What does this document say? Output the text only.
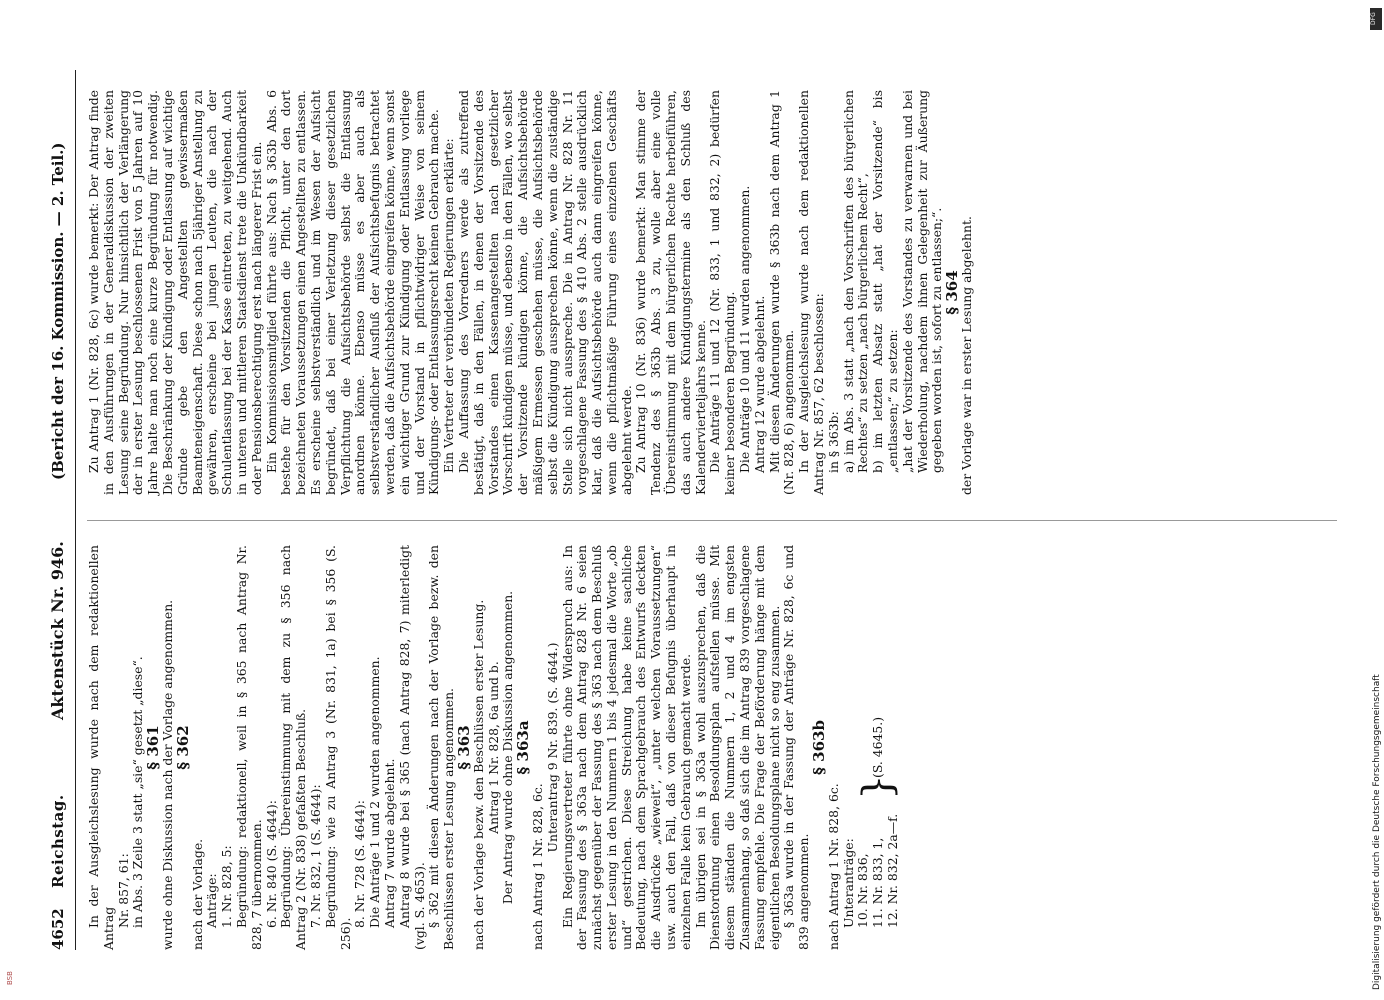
4652
Reichstag.
Aktenstück Nr. 946.
(Bericht der 16. Kommission. — 2. Teil.)

In der Ausgleichslesung wurde nach dem redaktionellen Antrag

Nr. 857, 61: in Abs. 3 Zeile 3 statt „sie“ gesetzt „diese“.

§ 361

wurde ohne Diskussion nach der Vorlage angenommen.

§ 362

nach der Vorlage. Anträge: 1. Nr. 828, 5: Begründung: redaktionell, weil in § 365 nach Antrag Nr. 828, 7 übernommen. 6. Nr. 840 (S. 4644): Begründung: Übereinstimmung mit dem zu § 356 nach Antrag 2 (Nr. 838) gefaßten Beschluß. 7. Nr. 832, 1 (S. 4644): Begründung: wie zu Antrag 3 (Nr. 831, 1a) bei § 356 (S. 256).

8. Nr. 728 (S. 4644): Die Anträge 1 und 2 wurden angenommen. Antrag 7 wurde abgelehnt. Antrag 8 wurde bei § 365 (nach Antrag 828, 7) miterledigt (vgl. S. 4653). § 362 mit diesen Änderungen nach der Vorlage bezw. den Beschlüssen erster Lesung angenommen.

§ 363

nach der Vorlage bezw. den Beschlüssen erster Lesung. Antrag 1 Nr. 828, 6a und b. Der Antrag wurde ohne Diskussion angenommen.

§ 363a

nach Antrag 1 Nr. 828, 6c.

Unterantrag 9 Nr. 839. (S. 4644.) Ein Regierungsvertreter führte ohne Widerspruch aus: In der Fassung des § 363a nach dem Antrag 828 Nr. 6 seien zunächst gegenüber der Fassung des § 363 nach dem Beschluß erster Lesung in den Nummern 1 bis 4 jedesmal die Worte „ob und“ gestrichen. Diese Streichung habe keine sachliche Bedeutung, nach dem Sprachgebrauch des Entwurfs deckten die Ausdrücke „wieweit“, „unter welchen Voraussetzungen“ usw. auch den Fall, daß von dieser Befugnis überhaupt in einzelnen Falle kein Gebrauch gemacht werde. Im übrigen sei in § 363a wohl auszusprechen, daß die Dienstordnung einen Besoldungsplan aufstellen müsse. Mit diesem ständen die Nummern 1, 2 und 4 im engsten Zusammenhang, so daß sich die im Antrag 839 vorgeschlagene Fassung empfehle. Die Frage der Beförderung hänge mit dem eigentlichen Besoldungsplane nicht so eng zusammen. § 363a wurde in der Fassung der Anträge Nr. 828, 6c und 839 angenommen.

§ 363b

nach Antrag 1 Nr. 828, 6c. Unteranträge: 10. Nr. 836, 11. Nr. 833, 1, 12. Nr. 832, 2a—f.

}
(S. 4645.)

Zu Antrag 1 (Nr. 828, 6c) wurde bemerkt: Der Antrag finde in den Ausführungen in der Generaldiskussion der zweiten Lesung seine Begründung. Nur hinsichtlich der Verlängerung der in erster Lesung beschlossenen Frist von 5 Jahren auf 10 Jahre halte man noch eine kurze Begründung für notwendig. Die Beschränkung der Kündigung oder Entlassung auf wichtige Gründe gebe den Angestellten gewissermaßen Beamteneigenschaft. Diese schon nach 5jähriger Anstellung zu gewähren, erscheine bei jungen Leuten, die nach der Schulentlassung bei der Kasse eintreten, zu weitgehend. Auch in unteren und mittleren Staatsdienst trete die Unkündbarkeit oder Pensionsberechtigung erst nach längerer Frist ein. Ein Kommissionsmitglied führte aus: Nach § 363b Abs. 6 bestehe für den Vorsitzenden die Pflicht, unter den dort bezeichneten Voraussetzungen einen Angestellten zu entlassen. Es erscheine selbstverständlich und im Wesen der Aufsicht begründet, daß bei einer Verletzung dieser gesetzlichen Verpflichtung die Aufsichtsbehörde selbst die Entlassung anordnen könne. Ebenso müsse es aber auch als selbstverständlicher Ausfluß der Aufsichtsbefugnis betrachtet werden, daß die Aufsichtsbehörde eingreifen könne, wenn sonst ein wichtiger Grund zur Kündigung oder Entlassung vorliege und der Vorstand in pflichtwidriger Weise von seinem Kündigungs- oder Entlassungsrecht keinen Gebrauch mache. Ein Vertreter der verbündeten Regierungen erklärte: Die Auffassung des Vorredners werde als zutreffend bestätigt, daß in den Fällen, in denen der Vorsitzende des Vorstandes einen Kassenangestellten nach gesetzlicher Vorschrift kündigen müsse, und ebenso in den Fällen, wo selbst der Vorsitzende kündigen könne, die Aufsichtsbehörde mäßigem Ermessen geschehen müsse, die Aufsichtsbehörde selbst die Kündigung aussprechen könne, wenn die zuständige Stelle sich nicht ausspreche. Die in Antrag Nr. 828 Nr. 11 vorgeschlagene Fassung des § 410 Abs. 2 stelle ausdrücklich klar, daß die Aufsichtsbehörde auch dann eingreifen könne, wenn die pflichtmäßige Führung eines einzelnen Geschäfts abgelehnt werde. Zu Antrag 10 (Nr. 836) wurde bemerkt: Man stimme der Tendenz des § 363b Abs. 3 zu, wolle aber eine volle Übereinstimmung mit dem bürgerlichen Rechte herbeiführen, das auch andere Kündigungstermine als den Schluß des Kalendervierteljahrs kenne. Die Anträge 11 und 12 (Nr. 833, 1 und 832, 2) bedürfen keiner besonderen Begründung. Die Anträge 10 und 11 wurden angenommen. Antrag 12 wurde abgelehnt. Mit diesen Änderungen wurde § 363b nach dem Antrag 1 (Nr. 828, 6) angenommen. In der Ausgleichslesung wurde nach dem redaktionellen Antrag Nr. 857, 62 beschlossen: in § 363b: a) im Abs. 3 statt „nach den Vorschriften des bürgerlichen Rechtes“ zu setzen „nach bürgerlichem Recht“, b) im letzten Absatz statt „hat der Vorsitzende“ bis „entlassen;“ zu setzen: „hat der Vorsitzende des Vorstandes zu verwarnen und bei Wiederholung, nachdem ihnen Gelegenheit zur Äußerung gegeben worden ist, sofort zu entlassen;“.

§ 364

der Vorlage war in erster Lesung abgelehnt.

DFG
Digitalisierung gefördert durch die Deutsche Forschungsgemeinschaft
BSB
